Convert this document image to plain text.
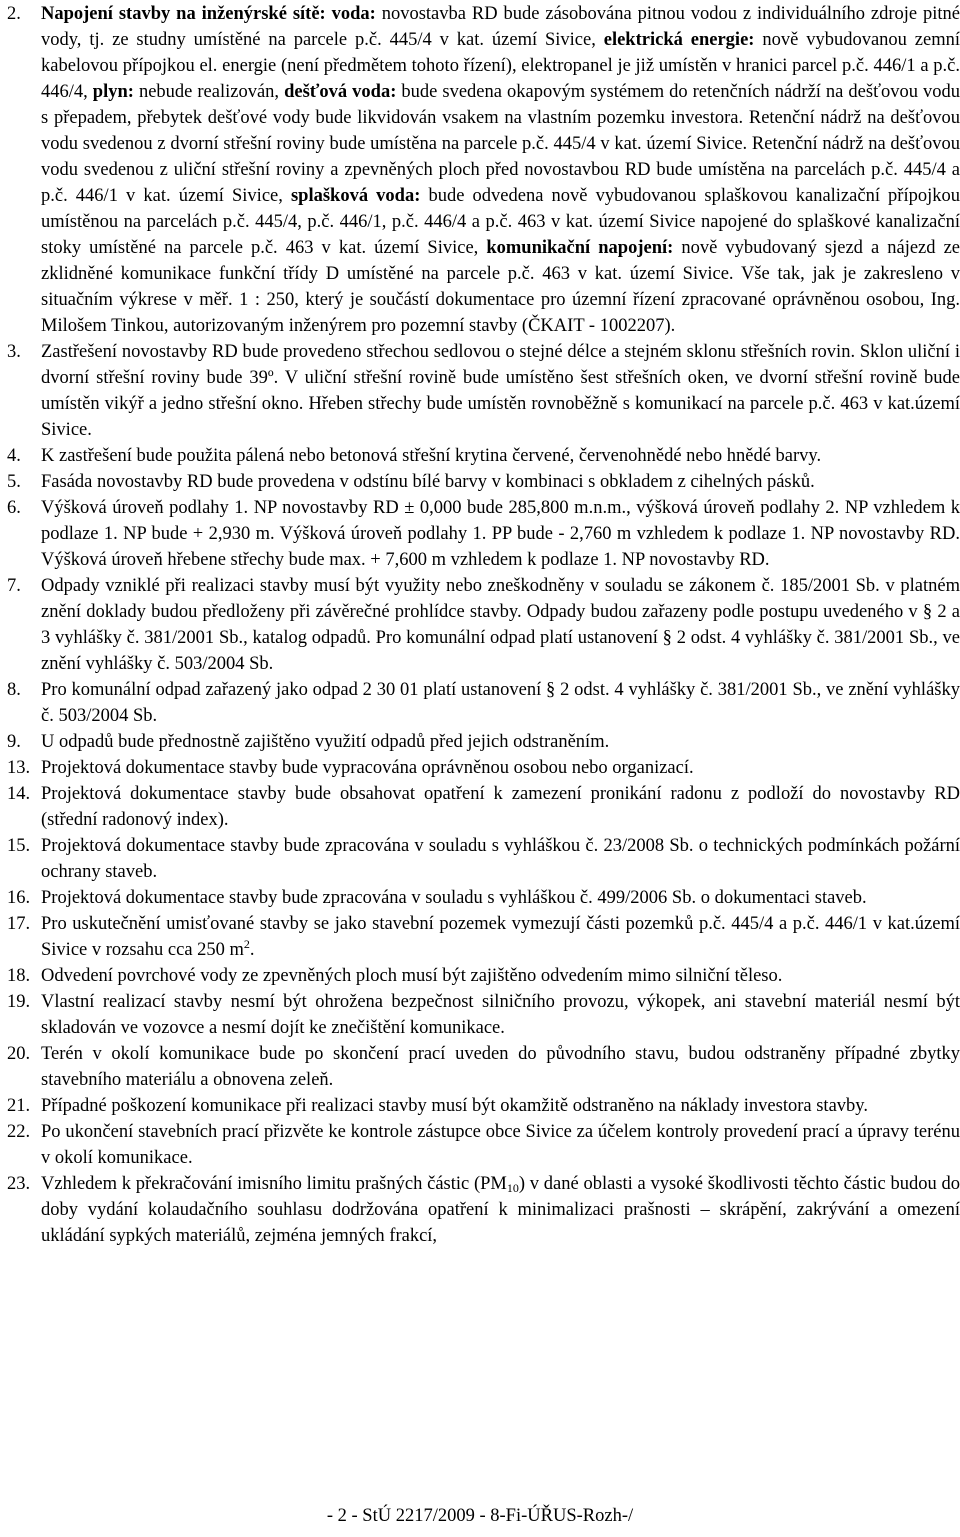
2.	Napojení stavby na inženýrské sítě: voda: novostavba RD bude zásobována pitnou vodou z individuálního zdroje pitné vody, tj. ze studny umístěné na parcele p.č. 445/4 v kat. území Sivice, elektrická energie: nově vybudovanou zemní kabelovou přípojkou el. energie (není předmětem tohoto řízení), elektropanel je již umístěn v hranici parcel p.č. 446/1 a p.č. 446/4, plyn: nebude realizován, dešťová voda: bude svedena okapovým systémem do retenčních nádrží na dešťovou vodu s přepadem, přebytek dešťové vody bude likvidován vsakem na vlastním pozemku investora. Retenční nádrž na dešťovou vodu svedenou z dvorní střešní roviny bude umístěna na parcele p.č. 445/4 v kat. území Sivice. Retenční nádrž na dešťovou vodu svedenou z uliční střešní roviny a zpevněných ploch před novostavbou RD bude umístěna na parcelách p.č. 445/4 a p.č. 446/1 v kat. území Sivice, splašková voda: bude odvedena nově vybudovanou splaškovou kanalizační přípojkou umístěnou na parcelách p.č. 445/4, p.č. 446/1, p.č. 446/4 a p.č. 463 v kat. území Sivice napojené do splaškové kanalizační stoky umístěné na parcele p.č. 463 v kat. území Sivice, komunikační napojení: nově vybudovaný sjezd a nájezd ze zklidněné komunikace funkční třídy D umístěné na parcele p.č. 463 v kat. území Sivice. Vše tak, jak je zakresleno v situačním výkrese v měř. 1 : 250, který je součástí dokumentace pro územní řízení zpracované oprávněnou osobou, Ing. Milošem Tinkou, autorizovaným inženýrem pro pozemní stavby (ČKAIT - 1002207).
3.	Zastřešení novostavby RD bude provedeno střechou sedlovou o stejné délce a stejném sklonu střešních rovin. Sklon uliční i dvorní střešní roviny bude 39º. V uliční střešní rovině bude umístěno šest střešních oken, ve dvorní střešní rovině bude umístěn vikýř a jedno střešní okno. Hřeben střechy bude umístěn rovnoběžně s komunikací na parcele p.č. 463 v kat.území Sivice.
4.	K zastřešení bude použita pálená nebo betonová střešní krytina červené, červenohnědé nebo hnědé barvy.
5.	Fasáda novostavby RD bude provedena v odstínu bílé barvy v kombinaci s obkladem z cihelných pásků.
6.	Výšková úroveň podlahy 1. NP novostavby RD ± 0,000 bude 285,800 m.n.m., výšková úroveň podlahy 2. NP vzhledem k podlaze 1. NP bude + 2,930 m. Výšková úroveň podlahy 1. PP bude - 2,760 m vzhledem k podlaze 1. NP novostavby RD. Výšková úroveň hřebene střechy bude max. + 7,600 m vzhledem k podlaze 1. NP novostavby RD.
7.	Odpady vzniklé při realizaci stavby musí být využity nebo zneškodněny v souladu se zákonem č. 185/2001 Sb. v platném znění doklady budou předloženy při závěrečné prohlídce stavby. Odpady budou zařazeny podle postupu uvedeného v § 2 a 3 vyhlášky č. 381/2001 Sb., katalog odpadů. Pro komunální odpad platí ustanovení § 2 odst. 4 vyhlášky č. 381/2001 Sb., ve znění vyhlášky č. 503/2004 Sb.
8.	Pro komunální odpad zařazený jako odpad 2 30 01 platí ustanovení § 2 odst. 4 vyhlášky č. 381/2001 Sb., ve znění vyhlášky č. 503/2004 Sb.
9.	U odpadů bude přednostně zajištěno využití odpadů před jejich odstraněním.
13. Projektová dokumentace stavby bude vypracována oprávněnou osobou nebo organizací.
14. Projektová dokumentace stavby bude obsahovat opatření k zamezení pronikání radonu z podloží do novostavby RD (střední radonový index).
15. Projektová dokumentace stavby bude zpracována v souladu s vyhláškou č. 23/2008 Sb. o technických podmínkách požární ochrany staveb.
16. Projektová dokumentace stavby bude zpracována v souladu s vyhláškou č. 499/2006 Sb. o dokumentaci staveb.
17. Pro uskutečnění umisťované stavby se jako stavební pozemek vymezují části pozemků p.č. 445/4 a p.č. 446/1 v kat.území Sivice v rozsahu cca 250 $m^2$.
18. Odvedení povrchové vody ze zpevněných ploch musí být zajištěno odvedením mimo silniční těleso.
19. Vlastní realizací stavby nesmí být ohrožena bezpečnost silničního provozu, výkopek, ani stavební materiál nesmí být skladován ve vozovce a nesmí dojít ke znečištění komunikace.
20. Terén v okolí komunikace bude po skončení prací uveden do původního stavu, budou odstraněny případné zbytky stavebního materiálu a obnovena zeleň.
21. Případné poškození komunikace při realizaci stavby musí být okamžitě odstraněno na náklady investora stavby.
22. Po ukončení stavebních prací přizvěte ke kontrole zástupce obce Sivice za účelem kontroly provedení prací a úpravy terénu v okolí komunikace.
23. Vzhledem k překračování imisního limitu prašných částic $(PM_{10})$ v dané oblasti a vysoké škodlivosti těchto částic budou do doby vydání kolaudačního souhlasu dodržována opatření k minimalizaci prašnosti – skrápění, zakrývání a omezení ukládání sypkých materiálů, zejména jemných frakcí,
- 2 - StÚ 2217/2009 - 8-Fi-ÚŘUS-Rozh-/
